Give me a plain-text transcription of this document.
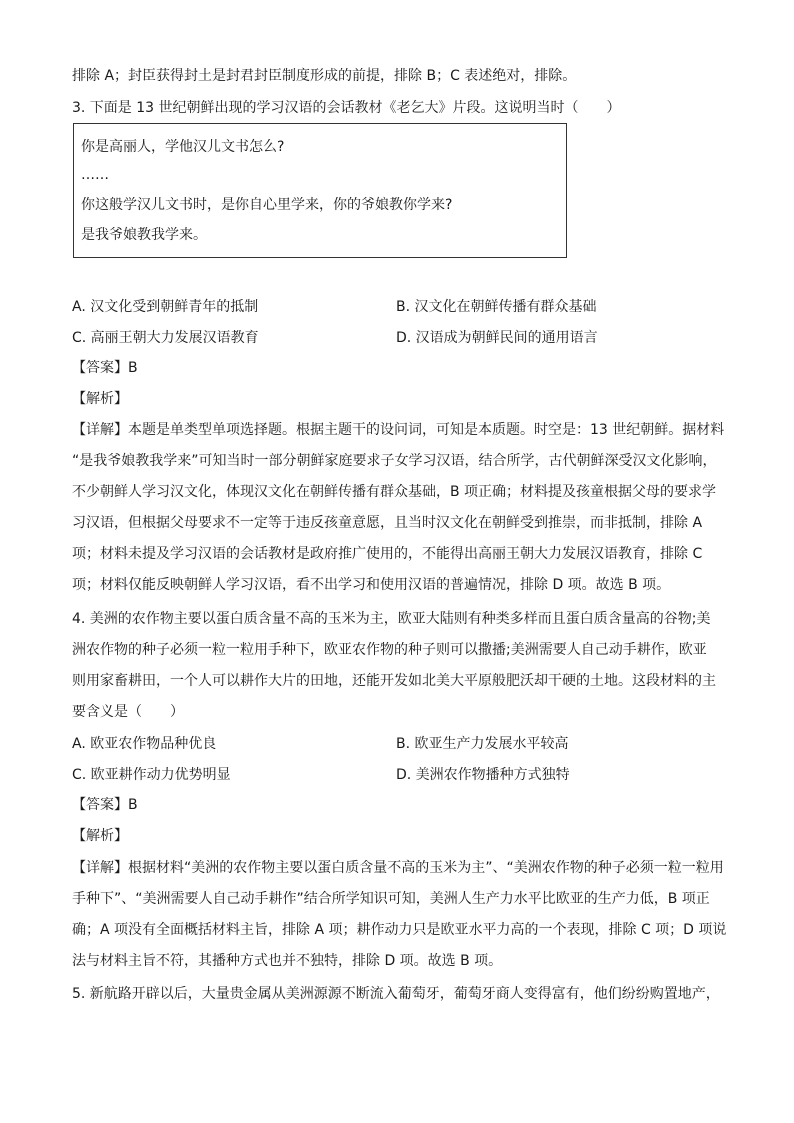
排除 A；封臣获得封土是封君封臣制度形成的前提，排除 B；C 表述绝对，排除。
3. 下面是 13 世纪朝鲜出现的学习汉语的会话教材《老乞大》片段。这说明当时（　　）
你是高丽人，学他汉儿文书怎么?
……
你这般学汉儿文书时，是你自心里学来，你的爷娘教你学来?
是我爷娘教我学来。
A. 汉文化受到朝鲜青年的抵制	B. 汉文化在朝鲜传播有群众基础
C. 高丽王朝大力发展汉语教育	D. 汉语成为朝鲜民间的通用语言
【答案】B
【解析】
【详解】本题是单类型单项选择题。根据主题干的设问词，可知是本质题。时空是：13 世纪朝鲜。据材料
“是我爷娘教我学来”可知当时一部分朝鲜家庭要求子女学习汉语，结合所学，古代朝鲜深受汉文化影响，
不少朝鲜人学习汉文化，体现汉文化在朝鲜传播有群众基础，B 项正确；材料提及孩童根据父母的要求学
习汉语，但根据父母要求不一定等于违反孩童意愿，且当时汉文化在朝鲜受到推崇，而非抵制，排除 A
项；材料未提及学习汉语的会话教材是政府推广使用的，不能得出高丽王朝大力发展汉语教育，排除 C
项；材料仅能反映朝鲜人学习汉语，看不出学习和使用汉语的普遍情况，排除 D 项。故选 B 项。
4. 美洲的农作物主要以蛋白质含量不高的玉米为主，欧亚大陆则有种类多样而且蛋白质含量高的谷物;美
洲农作物的种子必须一粒一粒用手种下，欧亚农作物的种子则可以撒播;美洲需要人自己动手耕作，欧亚
则用家畜耕田，一个人可以耕作大片的田地，还能开发如北美大平原般肥沃却干硬的土地。这段材料的主
要含义是（　　）
A. 欧亚农作物品种优良	B. 欧亚生产力发展水平较高
C. 欧亚耕作动力优势明显	D. 美洲农作物播种方式独特
【答案】B
【解析】
【详解】根据材料“美洲的农作物主要以蛋白质含量不高的玉米为主”、“美洲农作物的种子必须一粒一粒用
手种下”、“美洲需要人自己动手耕作”结合所学知识可知，美洲人生产力水平比欧亚的生产力低，B 项正
确；A 项没有全面概括材料主旨，排除 A 项；耕作动力只是欧亚水平力高的一个表现，排除 C 项；D 项说
法与材料主旨不符，其播种方式也并不独特，排除 D 项。故选 B 项。
5. 新航路开辟以后，大量贵金属从美洲源源不断流入葡萄牙，葡萄牙商人变得富有，他们纷纷购置地产，
